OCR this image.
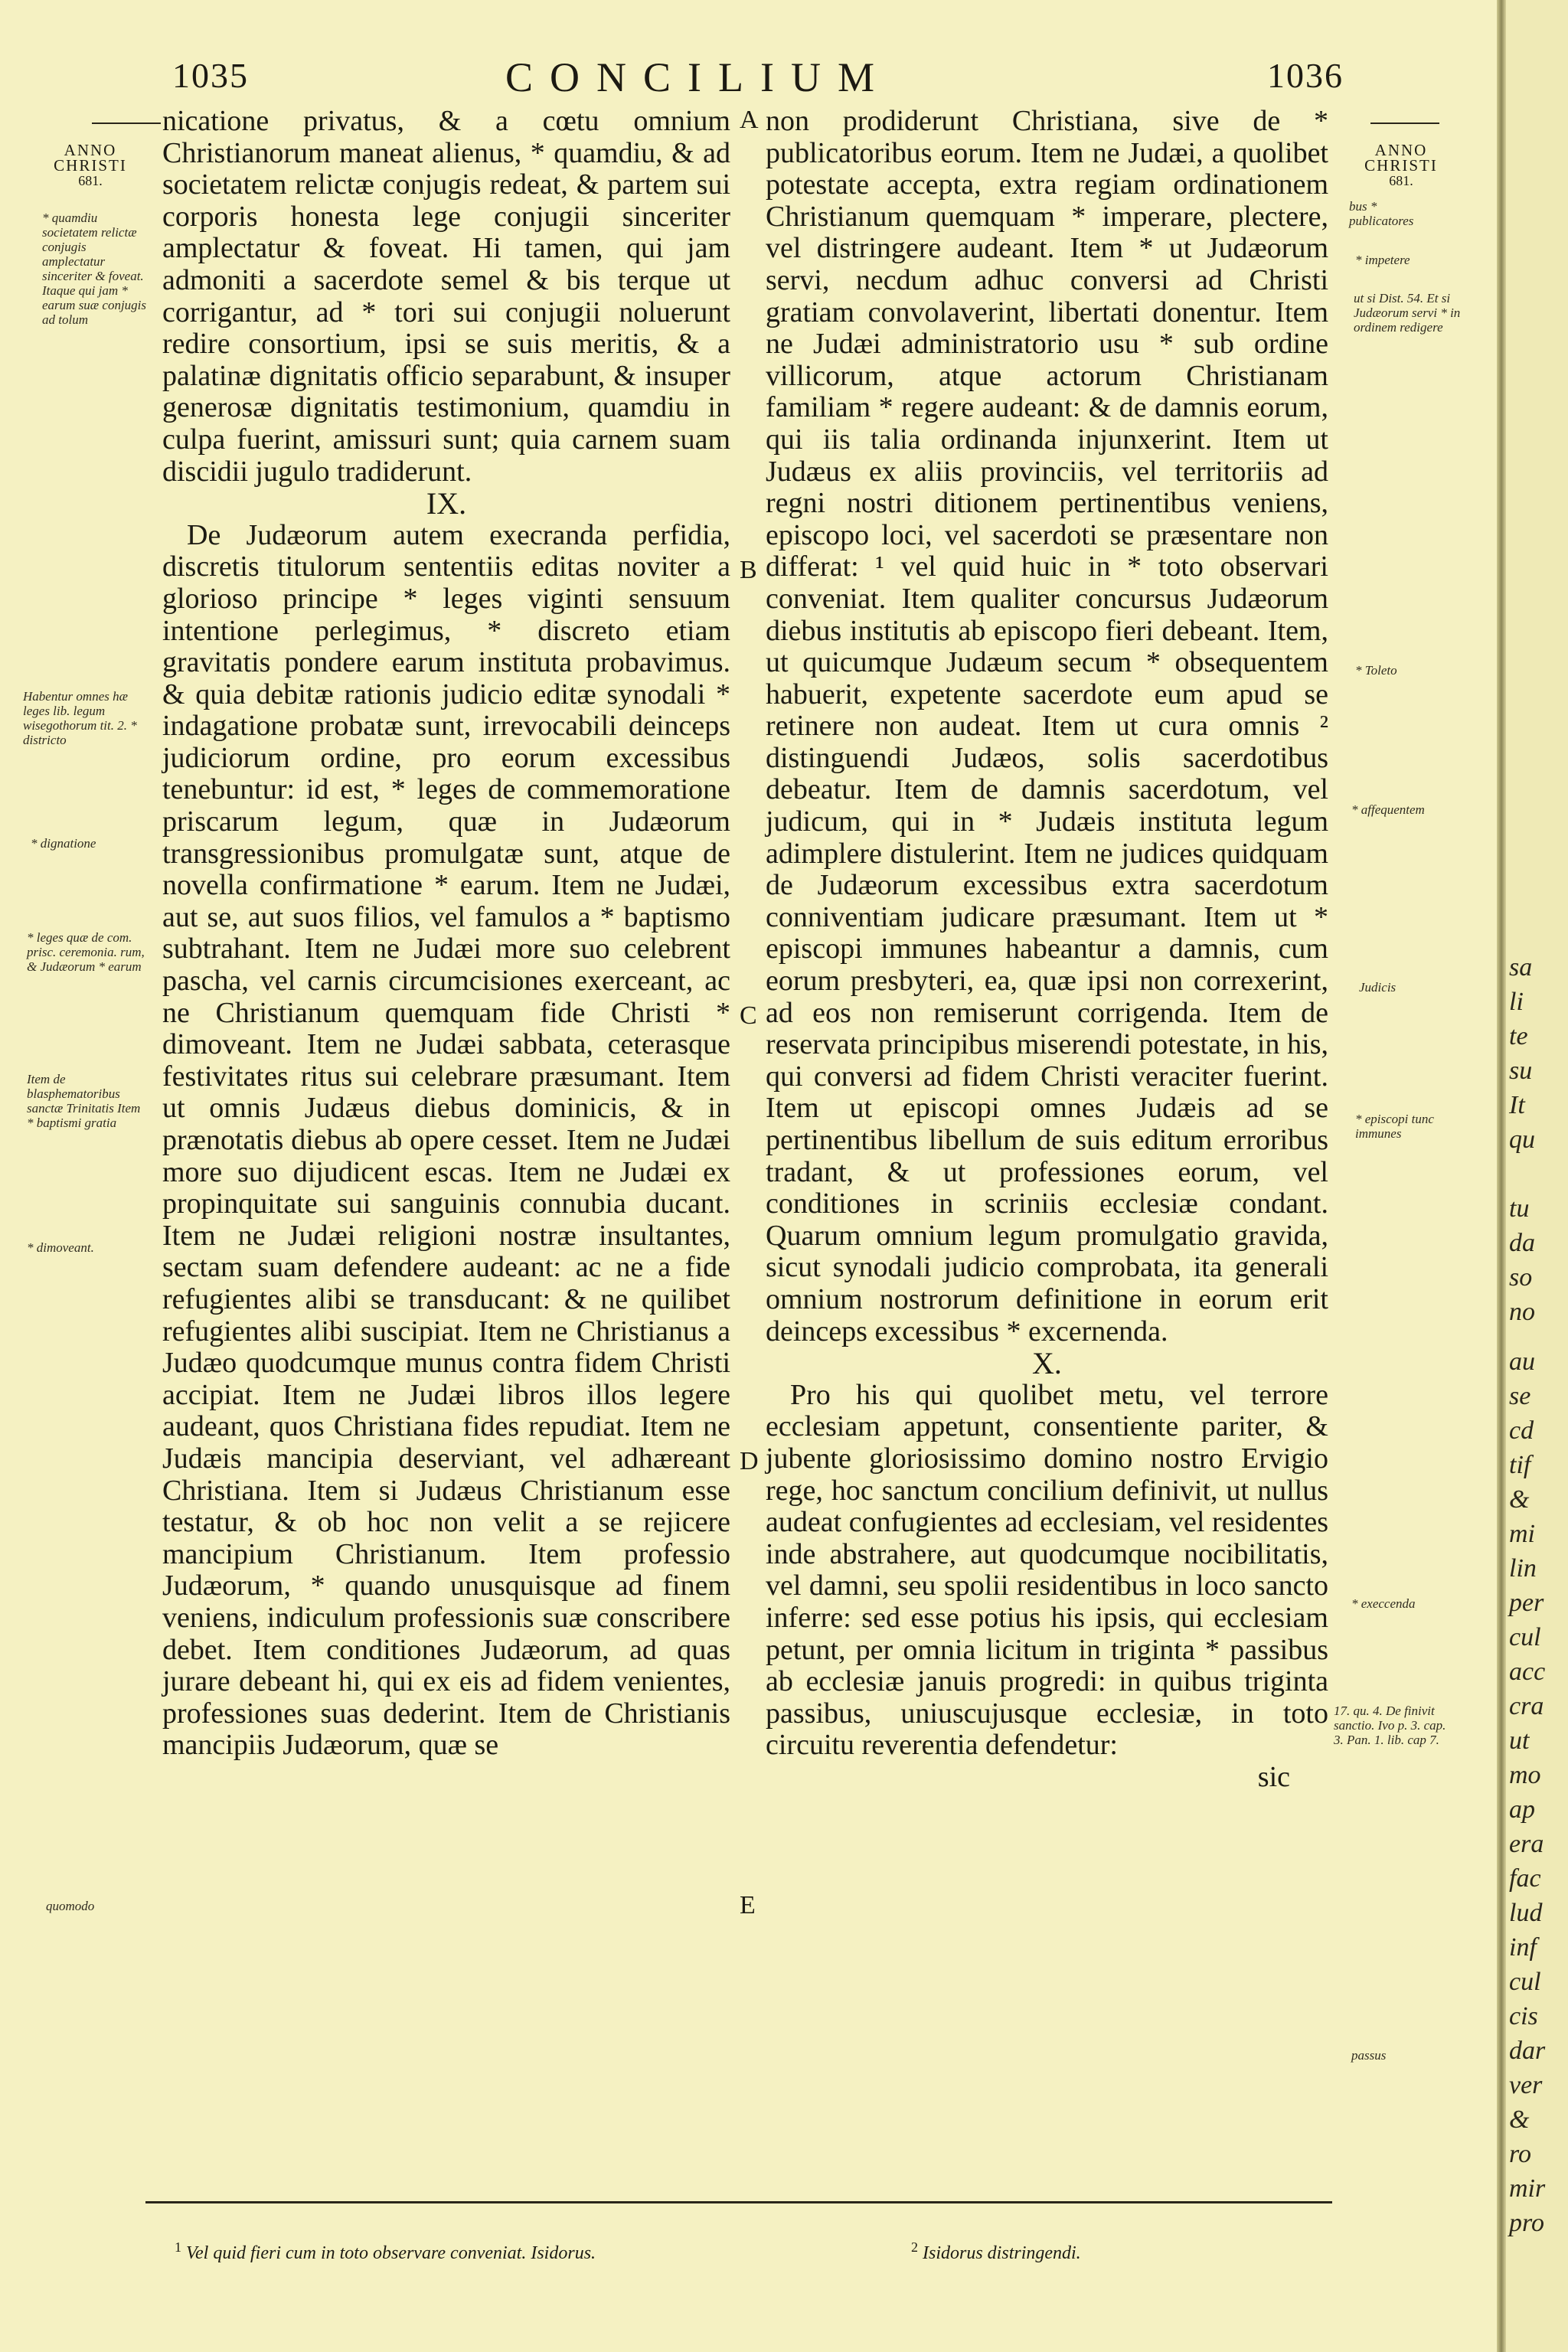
1035	CONCILIUM	1036
ANNO
CHRISTI
681.
ANNO
CHRISTI
681.

nicatione privatus, & a cœtu omnium Christianorum maneat alienus, * quamdiu, & ad societatem relictæ conjugis redeat, & partem sui corporis honesta lege conjugii sinceriter amplectatur & foveat. Hi tamen, qui jam admoniti a sacerdote semel & bis terque ut corrigantur, ad * tori sui conjugii noluerunt redire consortium, ipsi se suis meritis, & a palatinæ dignitatis officio separabunt, & insuper generosæ dignitatis testimonium, quamdiu in culpa fuerint, amissuri sunt; quia carnem suam discidii jugulo tradiderunt.

IX.

De Judæorum autem execranda perfidia, discretis titulorum sententiis editas noviter a glorioso principe * leges viginti sensuum intentione perlegimus, * discreto etiam gravitatis pondere earum instituta probavimus. & quia debitæ rationis judicio editæ synodali * indagatione probatæ sunt, irrevocabili deinceps judiciorum ordine, pro eorum excessibus tenebuntur: id est, * leges de commemoratione priscarum legum, quæ in Judæorum transgressionibus promulgatæ sunt, atque de novella confirmatione * earum. Item ne Judæi, aut se, aut suos filios, vel famulos a * baptismo subtrahant. Item ne Judæi more suo celebrent pascha, vel carnis circumcisiones exerceant, ac ne Christianum quemquam fide Christi * dimoveant. Item ne Judæi sabbata, ceterasque festivitates ritus sui celebrare præsumant. Item ut omnis Judæus diebus dominicis, & in prænotatis diebus ab opere cesset. Item ne Judæi more suo dijudicent escas. Item ne Judæi ex propinquitate sui sanguinis connubia ducant. Item ne Judæi religioni nostræ insultantes, sectam suam defendere audeant: ac ne a fide refugientes alibi se transducant: & ne quilibet refugientes alibi suscipiat. Item ne Christianus a Judæo quodcumque munus contra fidem Christi accipiat. Item ne Judæi libros illos legere audeant, quos Christiana fides repudiat. Item ne Judæis mancipia deserviant, vel adhæreant Christiana. Item si Judæus Christianum esse testatur, & ob hoc non velit a se rejicere mancipium Christianum. Item professio Judæorum, * quando unusquisque ad finem veniens, indiculum professionis suæ conscribere debet. Item conditiones Judæorum, ad quas jurare debeant hi, qui ex eis ad fidem venientes, professiones suas dederint. Item de Christianis mancipiis Judæorum, quæ se

non prodiderunt Christiana, sive de * publicatoribus eorum. Item ne Judæi, a quolibet potestate accepta, extra regiam ordinationem Christianum quemquam * imperare, plectere, vel distringere audeant. Item * ut Judæorum servi, necdum adhuc conversi ad Christi gratiam convolaverint, libertati donentur. Item ne Judæi administratorio usu * sub ordine villicorum, atque actorum Christianam familiam * regere audeant: & de damnis eorum, qui iis talia ordinanda injunxerint. Item ut Judæus ex aliis provinciis, vel territoriis ad regni nostri ditionem pertinentibus veniens, episcopo loci, vel sacerdoti se præsentare non differat: ¹ vel quid huic in * toto observari conveniat. Item qualiter concursus Judæorum diebus institutis ab episcopo fieri debeant. Item, ut quicumque Judæum secum * obsequentem habuerit, expetente sacerdote eum apud se retinere non audeat. Item ut cura omnis ² distinguendi Judæos, solis sacerdotibus debeatur. Item de damnis sacerdotum, vel judicum, qui in * Judæis instituta legum adimplere distulerint. Item ne judices quidquam de Judæorum excessibus extra sacerdotum conniventiam judicare præsumant. Item ut * episcopi immunes habeantur a damnis, cum eorum presbyteri, ea, quæ ipsi non correxerint, ad eos non remiserunt corrigenda. Item de reservata principibus miserendi potestate, in his, qui conversi ad fidem Christi veraciter fuerint. Item ut episcopi omnes Judæis ad se pertinentibus libellum de suis editum erroribus tradant, & ut professiones eorum, vel conditiones in scriniis ecclesiæ condant. Quarum omnium legum promulgatio gravida, sicut synodali judicio comprobata, ita generali omnium nostrorum definitione in eorum erit deinceps excessibus * excernenda.

X.

Pro his qui quolibet metu, vel terrore ecclesiam appetunt, consentiente pariter, & jubente gloriosissimo domino nostro Ervigio rege, hoc sanctum concilium definivit, ut nullus audeat confugientes ad ecclesiam, vel residentes inde abstrahere, aut quodcumque nocibilitatis, vel damni, seu spolii residentibus in loco sancto inferre: sed esse potius his ipsis, qui ecclesiam petunt, per omnia licitum in triginta * passibus ab ecclesiæ januis progredi: in quibus triginta passibus, uniuscujusque ecclesiæ, in toto circuitu reverentia defendetur:

sic

A
B
C
D
E
* quamdiu societatem relictæ conjugis amplectatur sinceriter & foveat. Itaque qui jam * earum suæ conjugis ad tolum
Habentur omnes hæ leges lib. legum wisegothorum tit. 2. * districto
* dignatione
* leges quæ de com. prisc. ceremonia. rum, & Judæorum * earum
Item de blasphematoribus sanctæ Trinitatis Item * baptismi gratia
* dimoveant.
quomodo
bus * publicatores
* impetere
ut si Dist. 54. Et si Judæorum servi * in ordinem redigere
* Toleto
* affequentem
Judicis
* episcopi tunc immunes
* execcenda
17. qu. 4. De finivit sanctio. Ivo p. 3. cap. 3. Pan. 1. lib. cap 7.
passus
$^1$ Vel quid fieri cum in toto observare conveniat. Isidorus.	$^2$ Isidorus distringendi.
sa
li
te
su
It
qu
tu
da
so
no
au
se
cd
tif
&
mi
lin
per
cul
acc
cra
ut
mo
ap
era
fac
lud
inf
cul
cis
dar
ver
&
ro
mir
pro
